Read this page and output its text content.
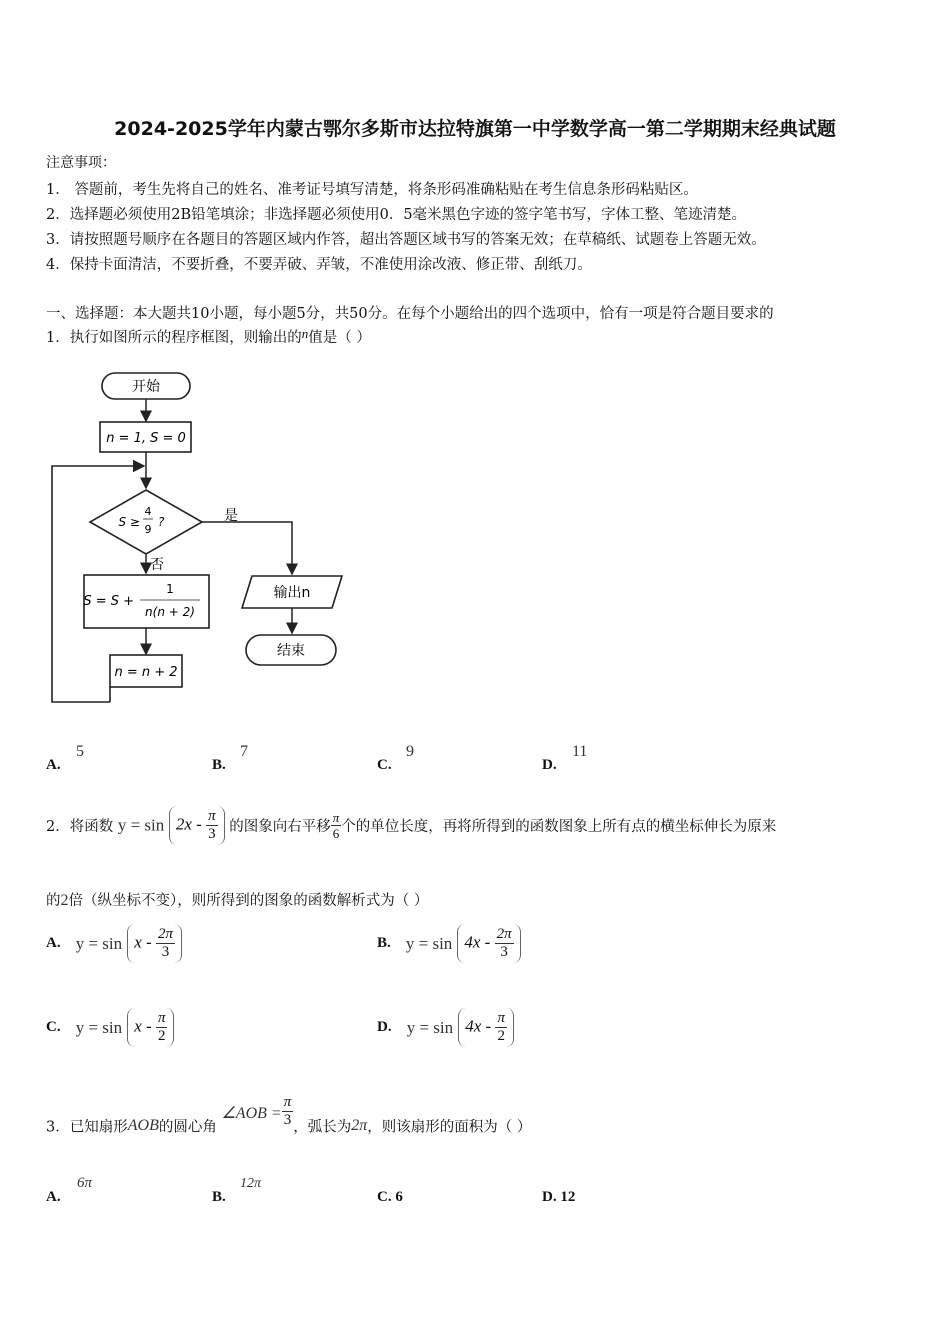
2024-2025学年内蒙古鄂尔多斯市达拉特旗第一中学数学高一第二学期期末经典试题
注意事项：
1． 答题前，考生先将自己的姓名、准考证号填写清楚，将条形码准确粘贴在考生信息条形码粘贴区。
2．选择题必须使用2B铅笔填涂；非选择题必须使用0．5毫米黑色字迹的签字笔书写，字体工整、笔迹清楚。
3．请按照题号顺序在各题目的答题区域内作答，超出答题区域书写的答案无效；在草稿纸、试题卷上答题无效。
4．保持卡面清洁，不要折叠，不要弄破、弄皱，不准使用涂改液、修正带、刮纸刀。
一、选择题：本大题共10小题，每小题5分，共50分。在每个小题给出的四个选项中，恰有一项是符合题目要求的
1．执行如图所示的程序框图，则输出的n值是（ ）
开始
n = 1, S = 0
S ≥
4
9
?	是
输出n
结束
否
S = S +
1
n(n + 2)
n = n + 2
A.
5
B.
7
C.
9
D.
11
2．将函数 $y = \sin 2x - \frac{\pi}{3}$ 的图象向右平移 $\frac{\pi}{6}$ 个的单位长度，再将所得到的函数图象上所有点的横坐标伸长为原来
的2倍（纵坐标不变），则所得到的图象的函数解析式为（ ）
A. $y = \sin x - \frac{2\pi}{3}$	B. $y = \sin 4x - \frac{2\pi}{3}$
C. $y = \sin x - \frac{\pi}{2}$	D. $y = \sin 4x - \frac{\pi}{2}$
3．已知扇形AOB的圆心角 ∠AOB = $\frac{\pi}{3}$ ，弧长为2π，则该扇形的面积为（ ）
A.
6π
B.
12π
C. 6	D. 12
